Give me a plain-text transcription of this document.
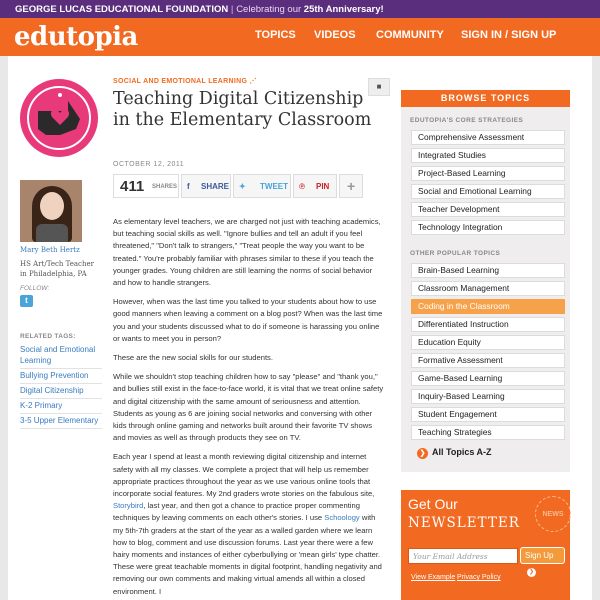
GEORGE LUCAS EDUCATIONAL FOUNDATION | Celebrating our 25th Anniversary!
edutopia	TOPICS VIDEOS COMMUNITY SIGN IN / SIGN UP
SOCIAL AND EMOTIONAL LEARNING ⋰
Teaching Digital Citizenship in the Elementary Classroom
■
OCTOBER 12, 2011
411 SHARES f SHARE ✦ TWEET ℗ PIN +
Mary Beth Hertz
HS Art/Tech Teacher in Philadelphia, PA
FOLLOW:
t
RELATED TAGS:
Social and Emotional Learning
Bullying Prevention
Digital Citizenship
K-2 Primary
3-5 Upper Elementary

As elementary level teachers, we are charged not just with teaching academics, but teaching social skills as well. "Ignore bullies and tell an adult if you feel threatened," "Don't talk to strangers," "Treat people the way you want to be treated." You're probably familiar with phrases similar to these if you teach the younger grades. Young children are still learning the norms of social behavior and how to handle strangers.

However, when was the last time you talked to your students about how to use good manners when leaving a comment on a blog post? When was the last time you and your students discussed what to do if someone is harassing you online or wants to meet you in person?

These are the new social skills for our students.

While we shouldn't stop teaching children how to say "please" and "thank you," and bullies still exist in the face-to-face world, it is vital that we treat online safety and digital citizenship with the same amount of seriousness and attention. Students as young as 6 are joining social networks and conversing with other kids through online gaming and networks built around their favorite TV shows and movies as well as through products they see on TV.

Each year I spend at least a month reviewing digital citizenship and internet safety with all my classes. We complete a project that will help us remember appropriate practices throughout the year as we use various online tools that incorporate social features. My 2nd graders wrote stories on the fabulous site, Storybird, last year, and then got a chance to practice proper commenting techniques by leaving comments on each other's stories. I use Schoology with my 5th-7th graders at the start of the year as a walled garden where we learn how to blog, comment and use discussion forums. Last year there were a few hairy moments and instances of either cyberbullying or 'mean girls' type chatter. These were great teachable moments in digital footprint, handling negativity and removing our own comments and making virtual amends all within a closed environment. I

BROWSE TOPICS
EDUTOPIA'S CORE STRATEGIES
Comprehensive Assessment
Integrated Studies
Project-Based Learning
Social and Emotional Learning
Teacher Development
Technology Integration
OTHER POPULAR TOPICS
Brain-Based Learning
Classroom Management
Coding in the Classroom
Differentiated Instruction
Education Equity
Formative Assessment
Game-Based Learning
Inquiry-Based Learning
Student Engagement
Teaching Strategies
❯ All Topics A-Z
Get Our
NEWSLETTER
NEWS
Your Email Address	Sign Up ❯
View Example Privacy Policy
